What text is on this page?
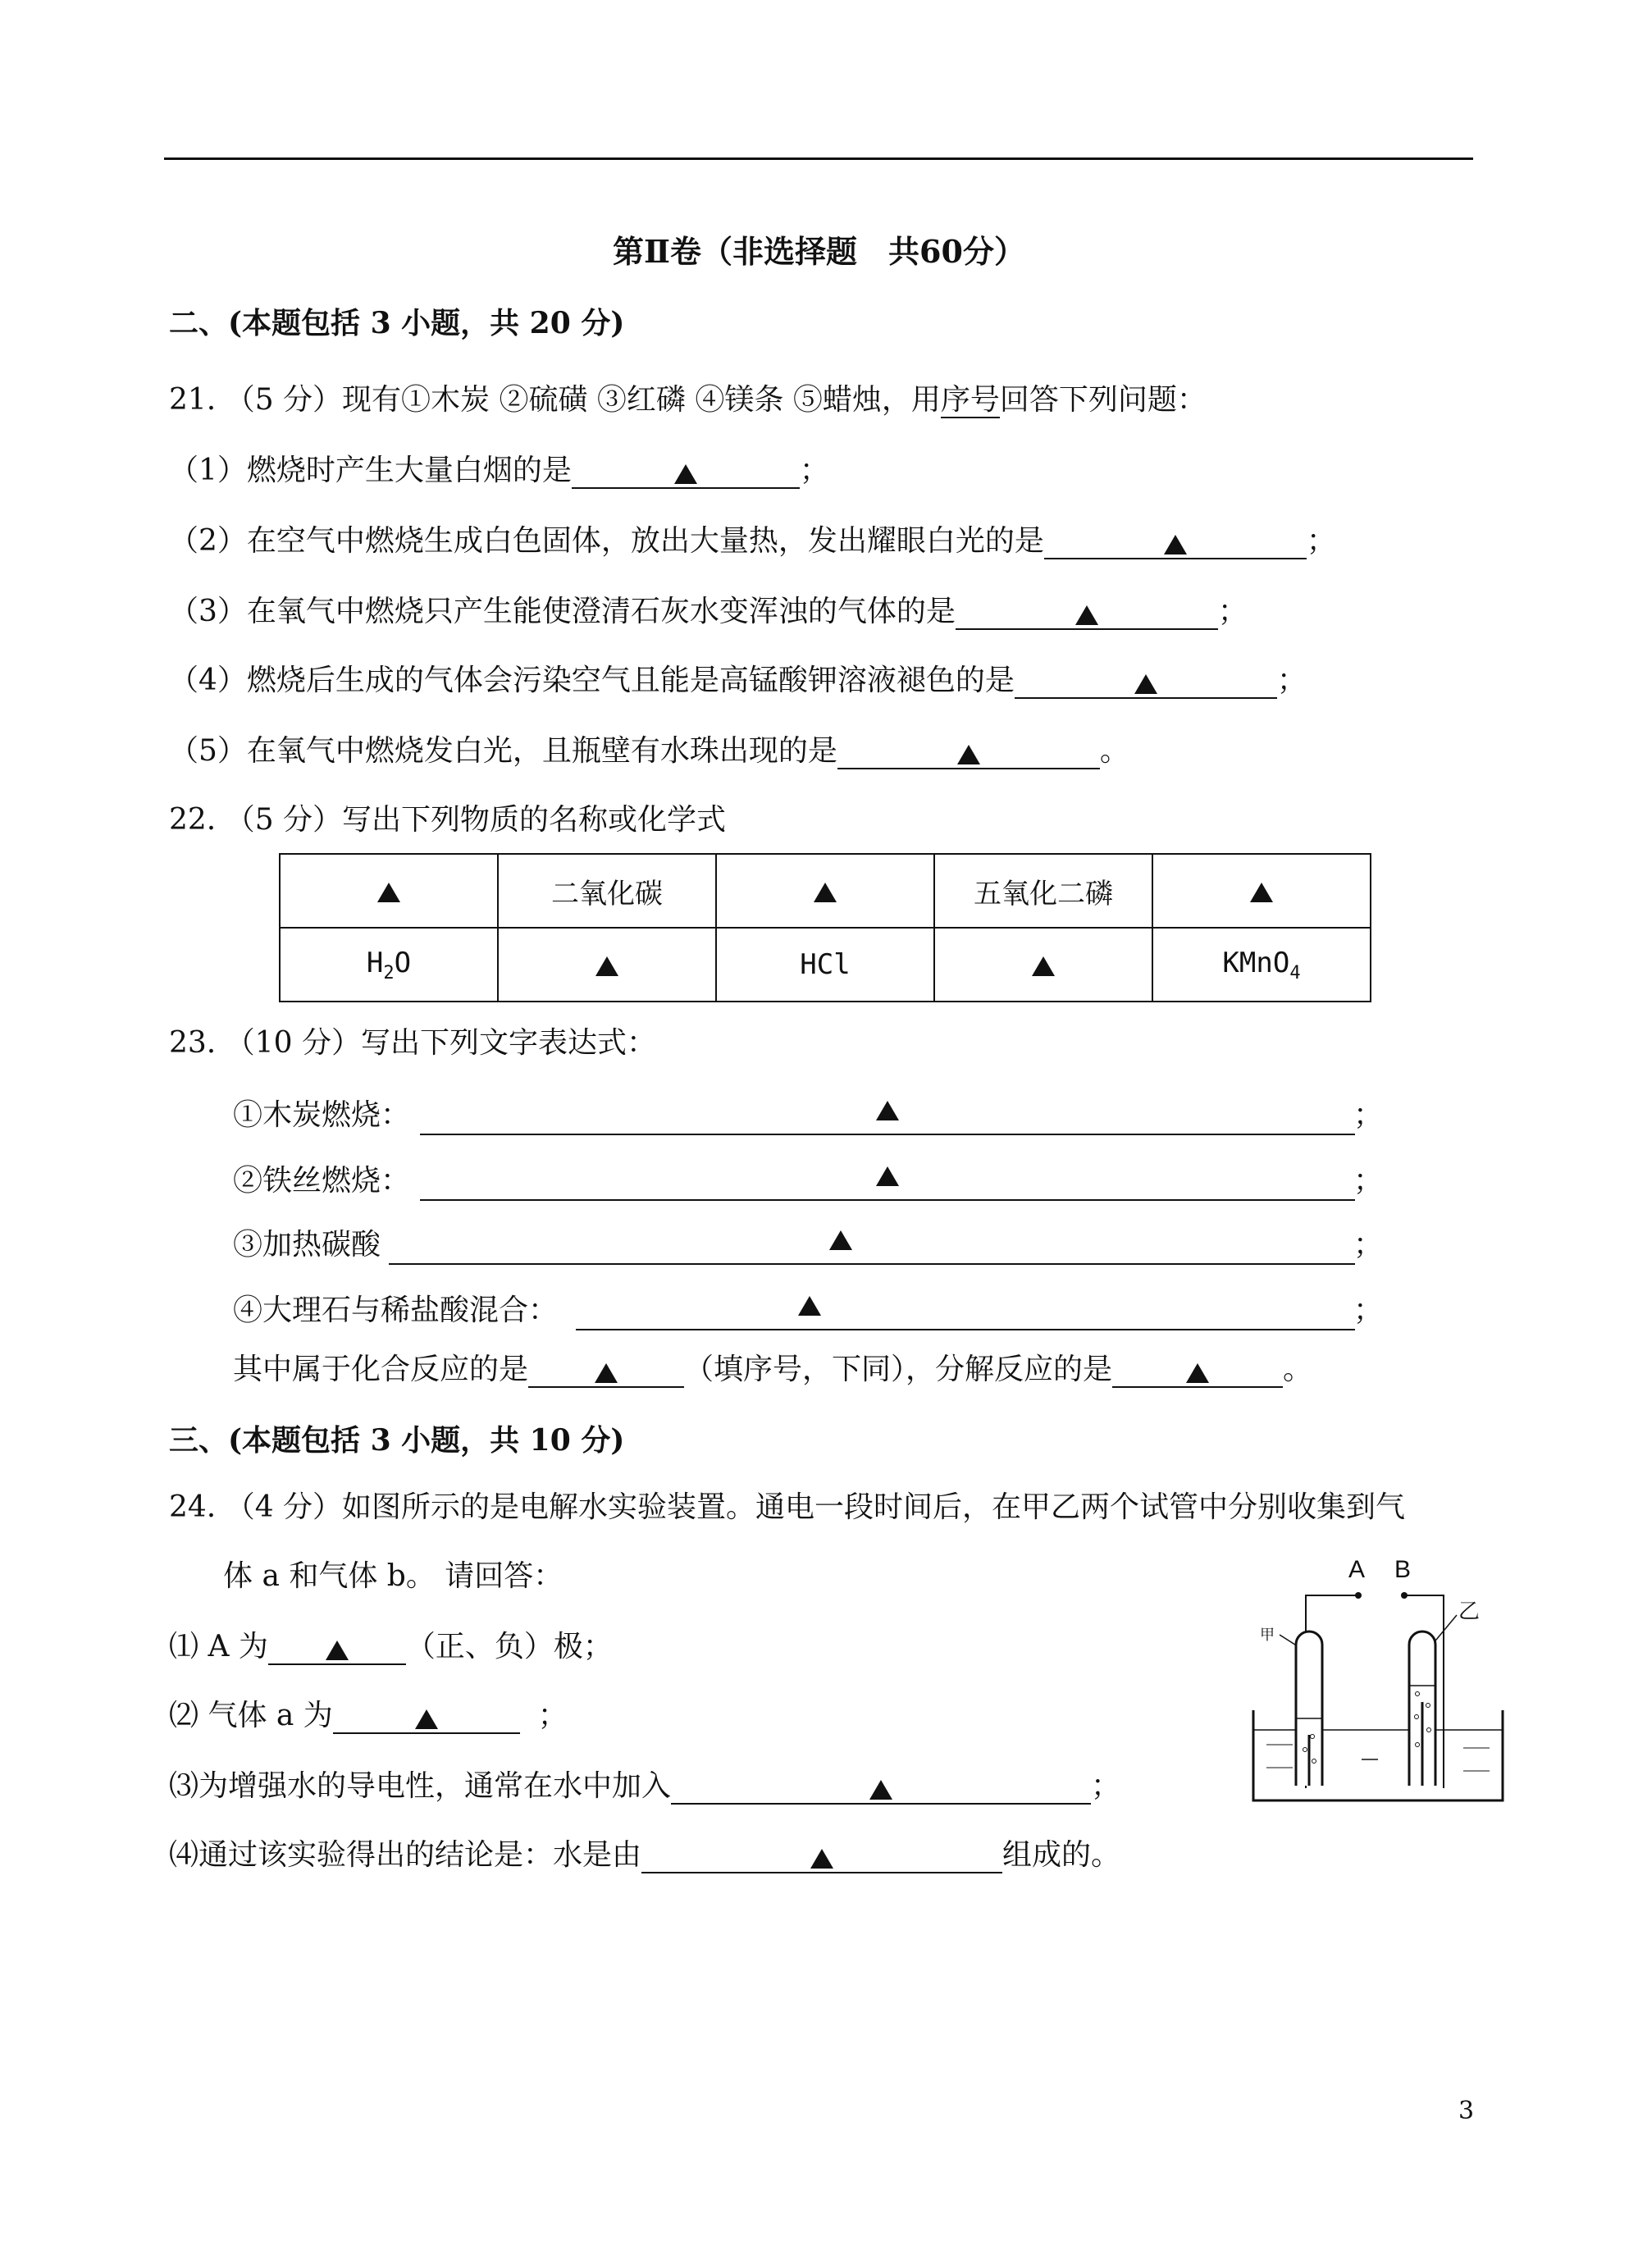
第Ⅱ卷（非选择题　共60分）
二、(本题包括 3 小题，共 20 分)
21. （5 分）现有①木炭 ②硫磺 ③红磷 ④镁条 ⑤蜡烛，用序号回答下列问题：
（1）燃烧时产生大量白烟的是	；
（2）在空气中燃烧生成白色固体，放出大量热，发出耀眼白光的是	；
（3）在氧气中燃烧只产生能使澄清石灰水变浑浊的气体的是	；
（4）燃烧后生成的气体会污染空气且能是高锰酸钾溶液褪色的是	；
（5）在氧气中燃烧发白光，且瓶壁有水珠出现的是	。
22. （5 分）写出下列物质的名称或化学式
	二氧化碳		五氧化二磷	
$H_2O$		HCl		KMnO$_4$
23. （10 分）写出下列文字表达式：
①木炭燃烧：	；
②铁丝燃烧：	；
③加热碳酸	；
④大理石与稀盐酸混合：	；
其中属于化合反应的是	（填序号，下同），分解反应的是	。
三、(本题包括 3 小题，共 10 分)
24. （4 分）如图所示的是电解水实验装置。通电一段时间后，在甲乙两个试管中分别收集到气
体 a 和气体 b。 请回答：
⑴ A 为	（正、负）极；
⑵ 气体 a 为	；
⑶为增强水的导电性，通常在水中加入	；
⑷通过该实验得出的结论是：水是由	组成的。
A B
甲
乙
3
